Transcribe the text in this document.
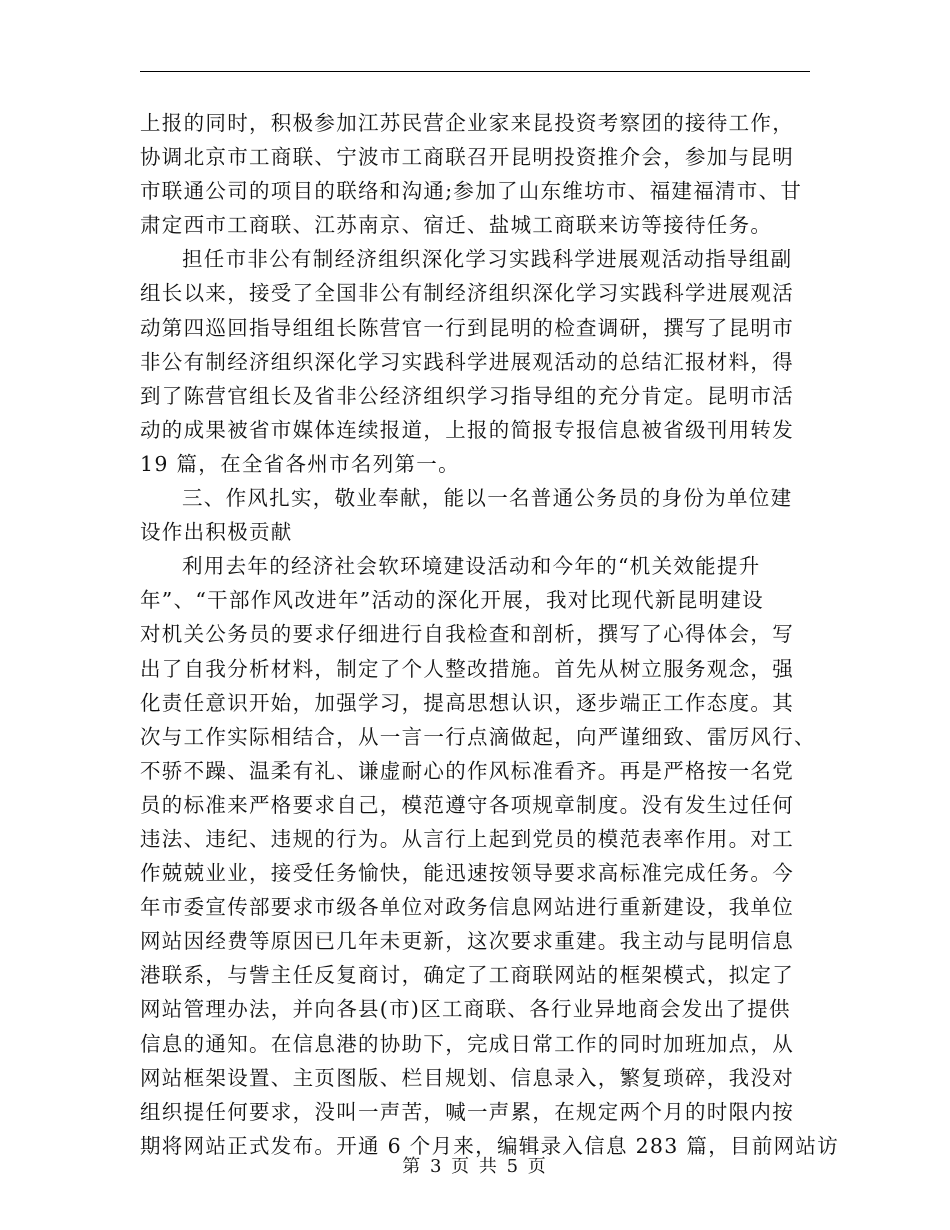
上报的同时，积极参加江苏民营企业家来昆投资考察团的接待工作，
协调北京市工商联、宁波市工商联召开昆明投资推介会，参加与昆明
市联通公司的项目的联络和沟通;参加了山东维坊市、福建福清市、甘
肃定西市工商联、江苏南京、宿迁、盐城工商联来访等接待任务。
担任市非公有制经济组织深化学习实践科学进展观活动指导组副
组长以来，接受了全国非公有制经济组织深化学习实践科学进展观活
动第四巡回指导组组长陈营官一行到昆明的检查调研，撰写了昆明市
非公有制经济组织深化学习实践科学进展观活动的总结汇报材料，得
到了陈营官组长及省非公经济组织学习指导组的充分肯定。昆明市活
动的成果被省市媒体连续报道，上报的简报专报信息被省级刊用转发
19 篇，在全省各州市名列第一。
三、作风扎实，敬业奉献，能以一名普通公务员的身份为单位建
设作出积极贡献
利用去年的经济社会软环境建设活动和今年的“机关效能提升
年”、“干部作风改进年”活动的深化开展，我对比现代新昆明建设
对机关公务员的要求仔细进行自我检查和剖析，撰写了心得体会，写
出了自我分析材料，制定了个人整改措施。首先从树立服务观念，强
化责任意识开始，加强学习，提高思想认识，逐步端正工作态度。其
次与工作实际相结合，从一言一行点滴做起，向严谨细致、雷厉风行、
不骄不躁、温柔有礼、谦虚耐心的作风标准看齐。再是严格按一名党
员的标准来严格要求自己，模范遵守各项规章制度。没有发生过任何
违法、违纪、违规的行为。从言行上起到党员的模范表率作用。对工
作兢兢业业，接受任务愉快，能迅速按领导要求高标准完成任务。今
年市委宣传部要求市级各单位对政务信息网站进行重新建设，我单位
网站因经费等原因已几年未更新，这次要求重建。我主动与昆明信息
港联系，与訾主任反复商讨，确定了工商联网站的框架模式，拟定了
网站管理办法，并向各县(市)区工商联、各行业异地商会发出了提供
信息的通知。在信息港的协助下，完成日常工作的同时加班加点，从
网站框架设置、主页图版、栏目规划、信息录入，繁复琐碎，我没对
组织提任何要求，没叫一声苦，喊一声累，在规定两个月的时限内按
期将网站正式发布。开通 6 个月来，编辑录入信息 283 篇，目前网站访
第 3 页 共 5 页
